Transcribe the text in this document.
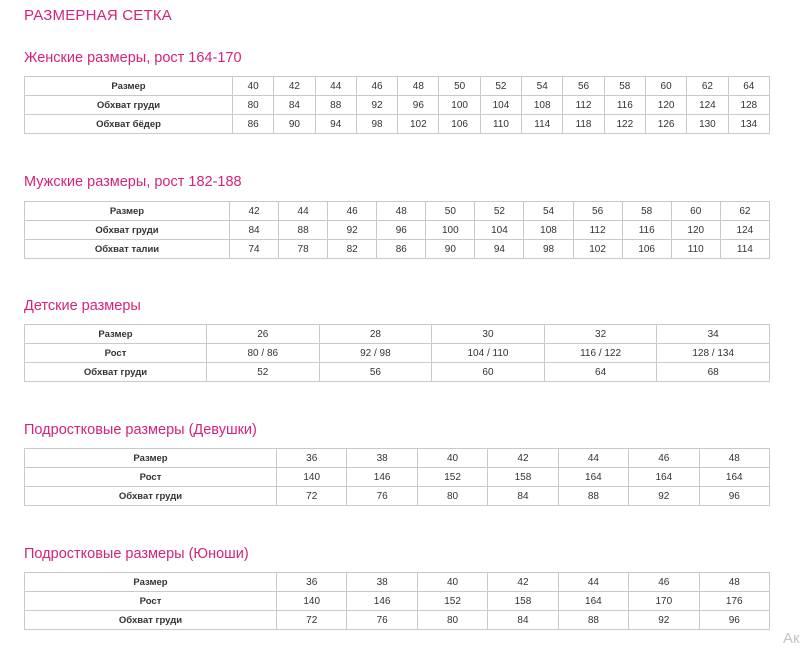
РАЗМЕРНАЯ СЕТКА
Женские размеры, рост 164-170
Размер	40	42	44	46	48	50	52	54	56	58	60	62	64
Обхват груди	80	84	88	92	96	100	104	108	112	116	120	124	128
Обхват бёдер	86	90	94	98	102	106	110	114	118	122	126	130	134
Мужские размеры, рост 182-188
Размер	42	44	46	48	50	52	54	56	58	60	62
Обхват груди	84	88	92	96	100	104	108	112	116	120	124
Обхват талии	74	78	82	86	90	94	98	102	106	110	114
Детские размеры
Размер	26	28	30	32	34
Рост	80 / 86	92 / 98	104 / 110	116 / 122	128 / 134
Обхват груди	52	56	60	64	68
Подростковые размеры (Девушки)
Размер	36	38	40	42	44	46	48
Рост	140	146	152	158	164	164	164
Обхват груди	72	76	80	84	88	92	96
Подростковые размеры (Юноши)
Размер	36	38	40	42	44	46	48
Рост	140	146	152	158	164	170	176
Обхват груди	72	76	80	84	88	92	96
Ак
